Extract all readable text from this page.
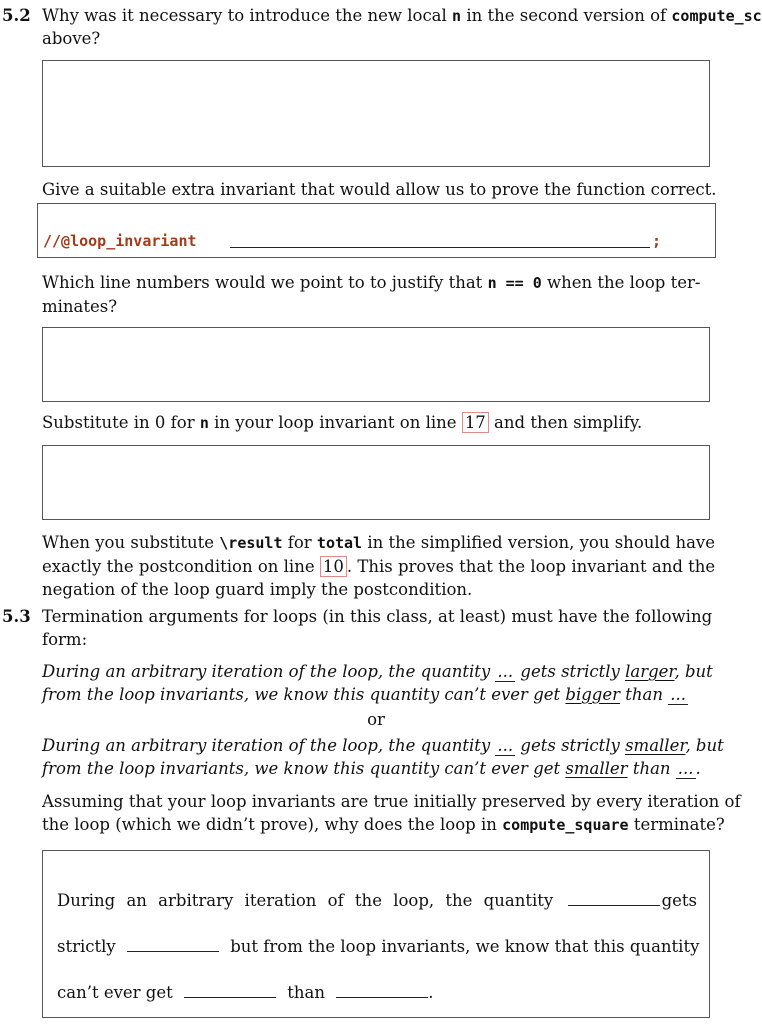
5.2 Why was it necessary to introduce the new local n in the second version of compute_sc
above?
Give a suitable extra invariant that would allow us to prove the function correct.
//@loop_invariant	;
Which line numbers would we point to to justify that n == 0 when the loop ter-
minates?
Substitute in 0 for n in your loop invariant on line 17 and then simplify.
When you substitute \result for total in the simplified version, you should have
exactly the postcondition on line 10 . This proves that the loop invariant and the
negation of the loop guard imply the postcondition.
5.3 Termination arguments for loops (in this class, at least) must have the following
form:
During an arbitrary iteration of the loop, the quantity ... gets strictly larger, but
from the loop invariants, we know this quantity can’t ever get bigger than ...
or
During an arbitrary iteration of the loop, the quantity ... gets strictly smaller, but
from the loop invariants, we know this quantity can’t ever get smaller than ... .
Assuming that your loop invariants are true initially preserved by every iteration of
the loop (which we didn’t prove), why does the loop in compute_square terminate?
During an arbitrary iteration of the loop, the quantity	gets
strictly	but from the loop invariants, we know that this quantity
can’t ever get	than	.
